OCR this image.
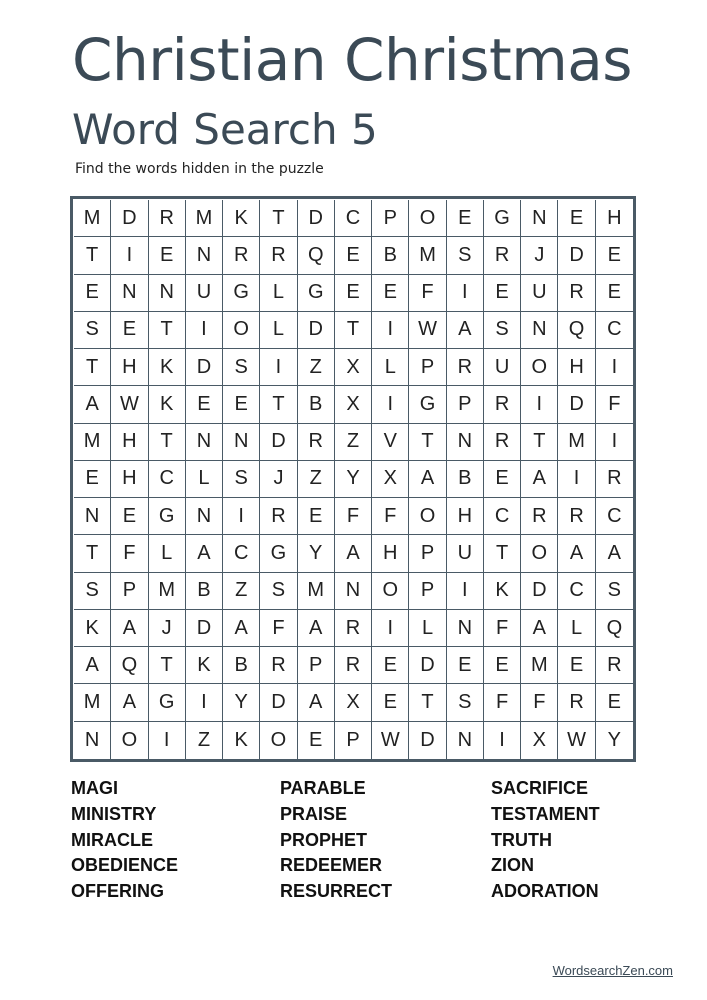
Christian Christmas
Word Search 5
Find the words hidden in the puzzle
M	D	R	M	K	T	D	C	P	O	E	G	N	E	H
T	I	E	N	R	R	Q	E	B	M	S	R	J	D	E
E	N	N	U	G	L	G	E	E	F	I	E	U	R	E
S	E	T	I	O	L	D	T	I	W	A	S	N	Q	C
T	H	K	D	S	I	Z	X	L	P	R	U	O	H	I
A	W	K	E	E	T	B	X	I	G	P	R	I	D	F
M	H	T	N	N	D	R	Z	V	T	N	R	T	M	I
E	H	C	L	S	J	Z	Y	X	A	B	E	A	I	R
N	E	G	N	I	R	E	F	F	O	H	C	R	R	C
T	F	L	A	C	G	Y	A	H	P	U	T	O	A	A
S	P	M	B	Z	S	M	N	O	P	I	K	D	C	S
K	A	J	D	A	F	A	R	I	L	N	F	A	L	Q
A	Q	T	K	B	R	P	R	E	D	E	E	M	E	R
M	A	G	I	Y	D	A	X	E	T	S	F	F	R	E
N	O	I	Z	K	O	E	P	W	D	N	I	X	W	Y
MAGI
MINISTRY
MIRACLE
OBEDIENCE
OFFERING
PARABLE
PRAISE
PROPHET
REDEEMER
RESURRECT
SACRIFICE
TESTAMENT
TRUTH
ZION
ADORATION
WordsearchZen.com
